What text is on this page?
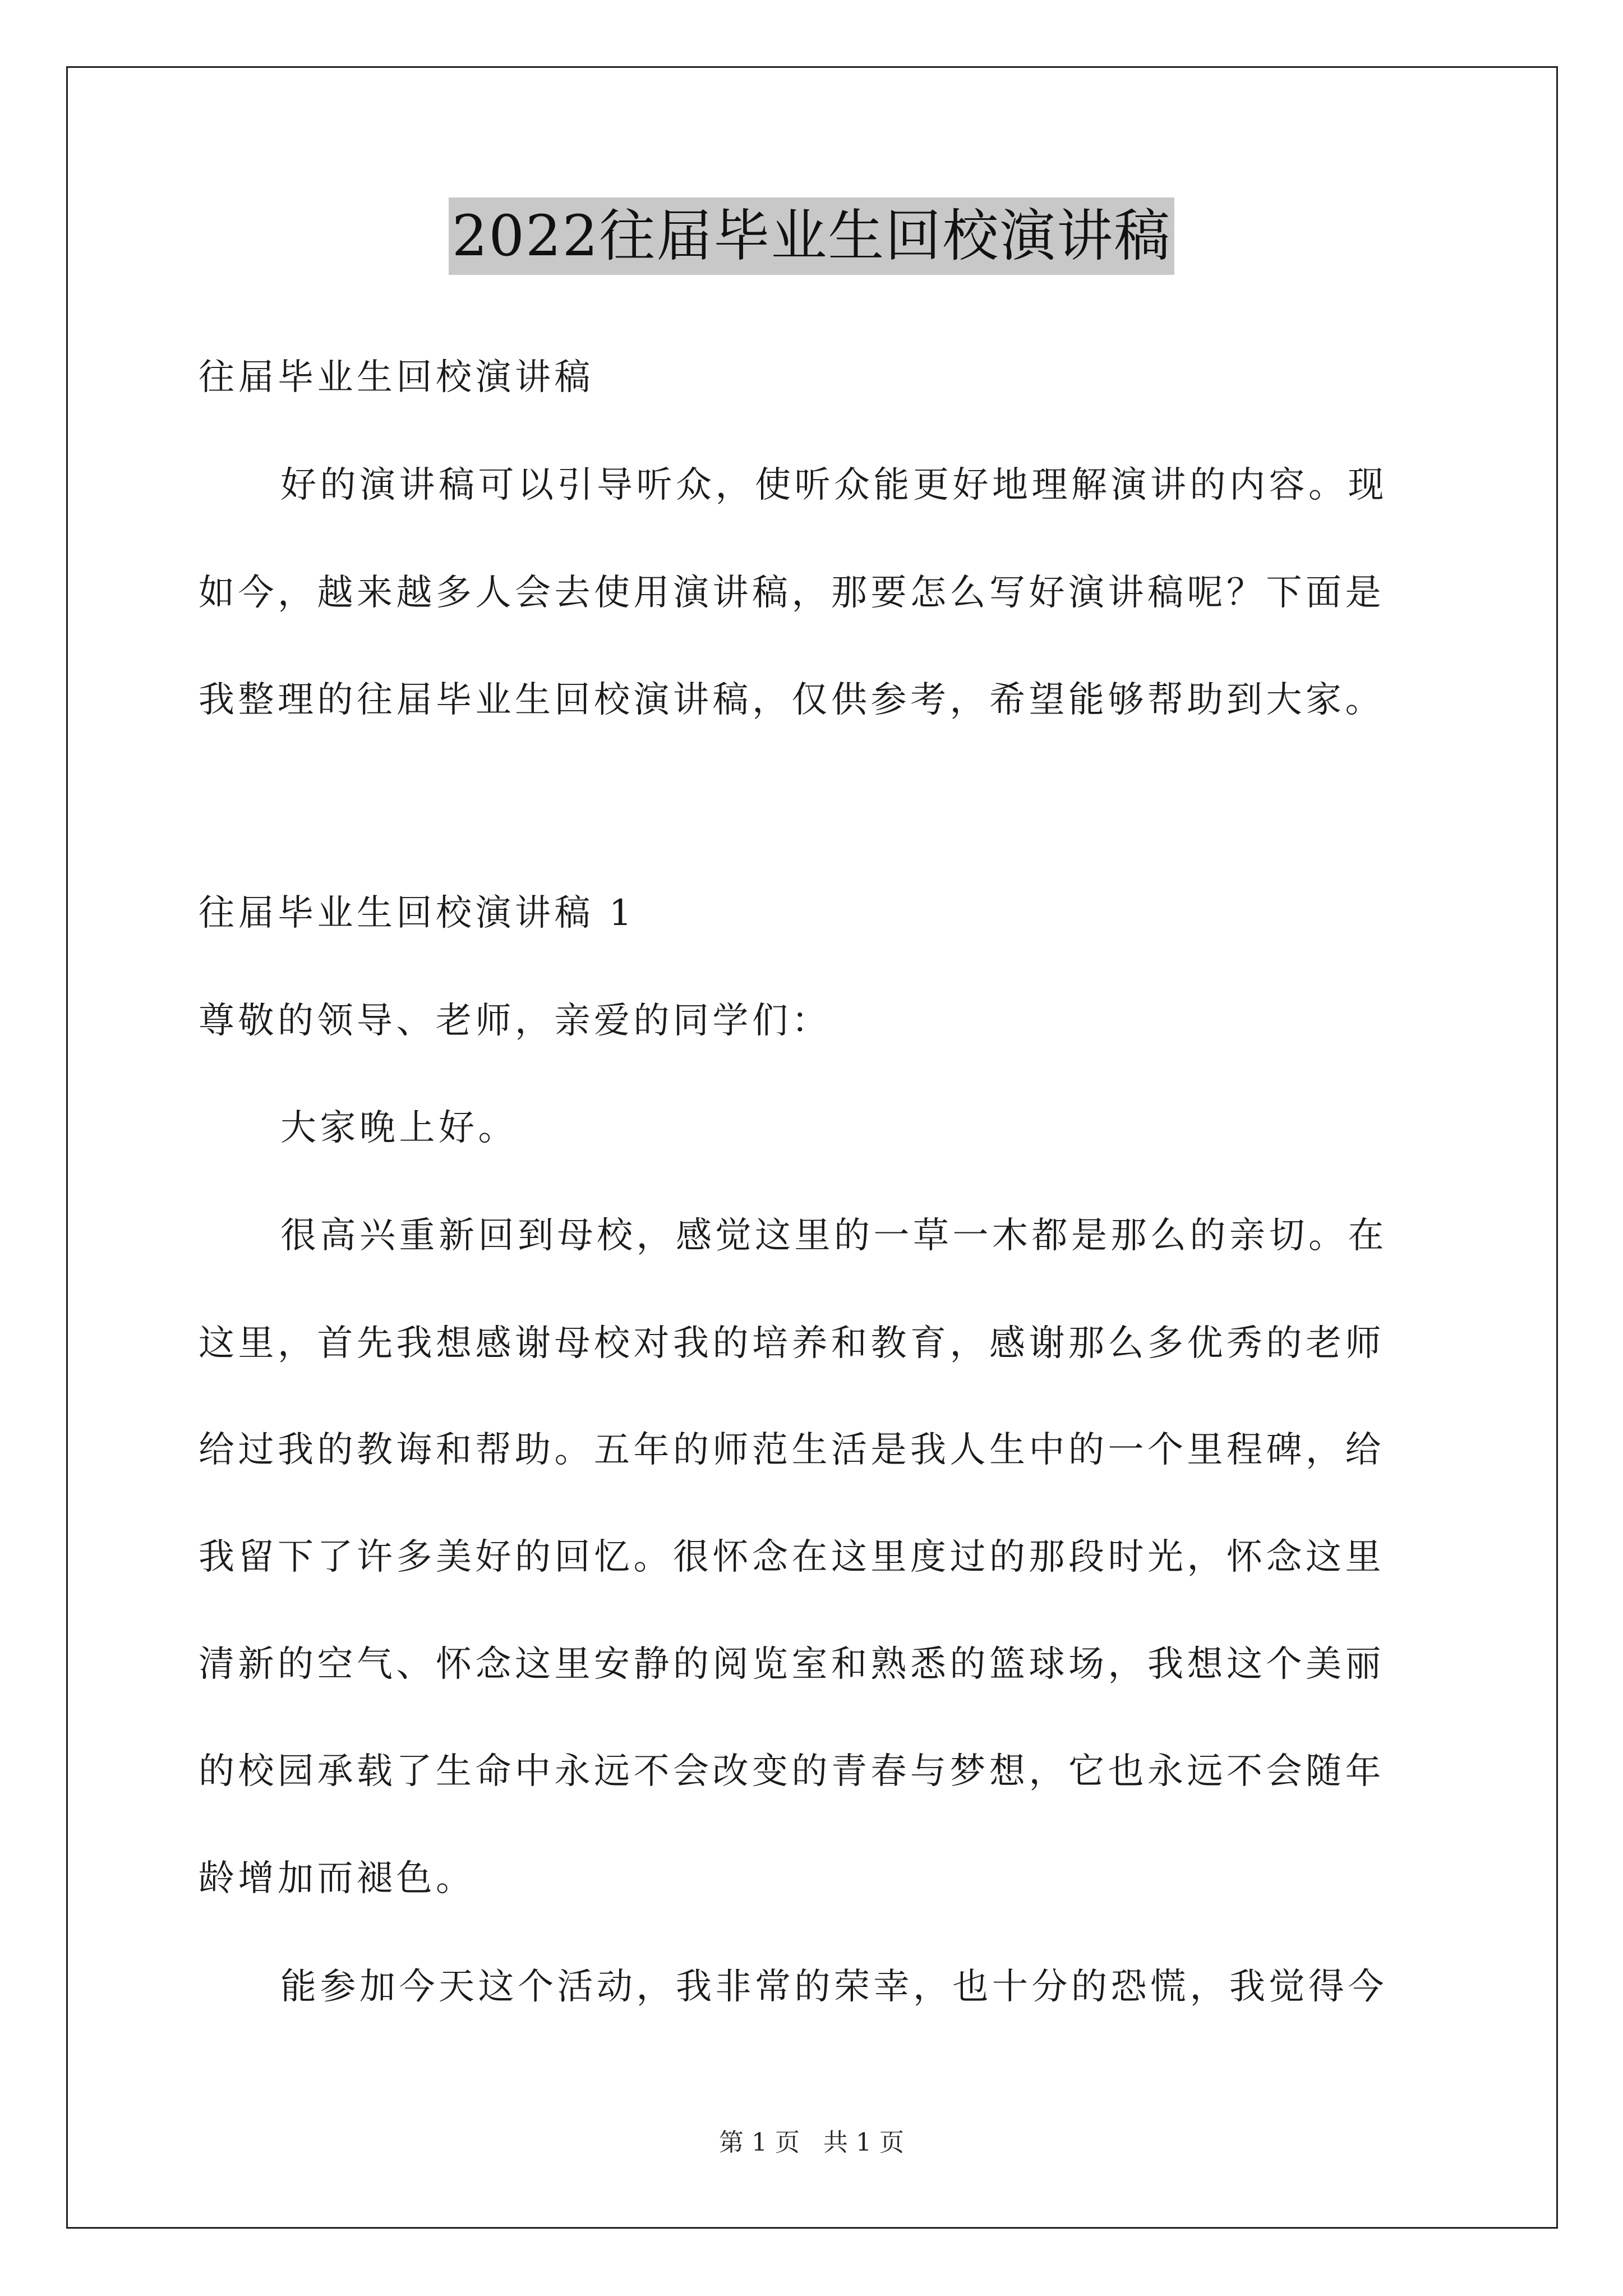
2022往届毕业生回校演讲稿
往届毕业生回校演讲稿
好的演讲稿可以引导听众，使听众能更好地理解演讲的内容。现
如今，越来越多人会去使用演讲稿，那要怎么写好演讲稿呢？下面是
我整理的往届毕业生回校演讲稿，仅供参考，希望能够帮助到大家。
往届毕业生回校演讲稿 1
尊敬的领导、老师，亲爱的同学们：
大家晚上好。
很高兴重新回到母校，感觉这里的一草一木都是那么的亲切。在
这里，首先我想感谢母校对我的培养和教育，感谢那么多优秀的老师
给过我的教诲和帮助。五年的师范生活是我人生中的一个里程碑，给
我留下了许多美好的回忆。很怀念在这里度过的那段时光，怀念这里
清新的空气、怀念这里安静的阅览室和熟悉的篮球场，我想这个美丽
的校园承载了生命中永远不会改变的青春与梦想，它也永远不会随年
龄增加而褪色。
能参加今天这个活动，我非常的荣幸，也十分的恐慌，我觉得今
第 1 页 共 1 页
